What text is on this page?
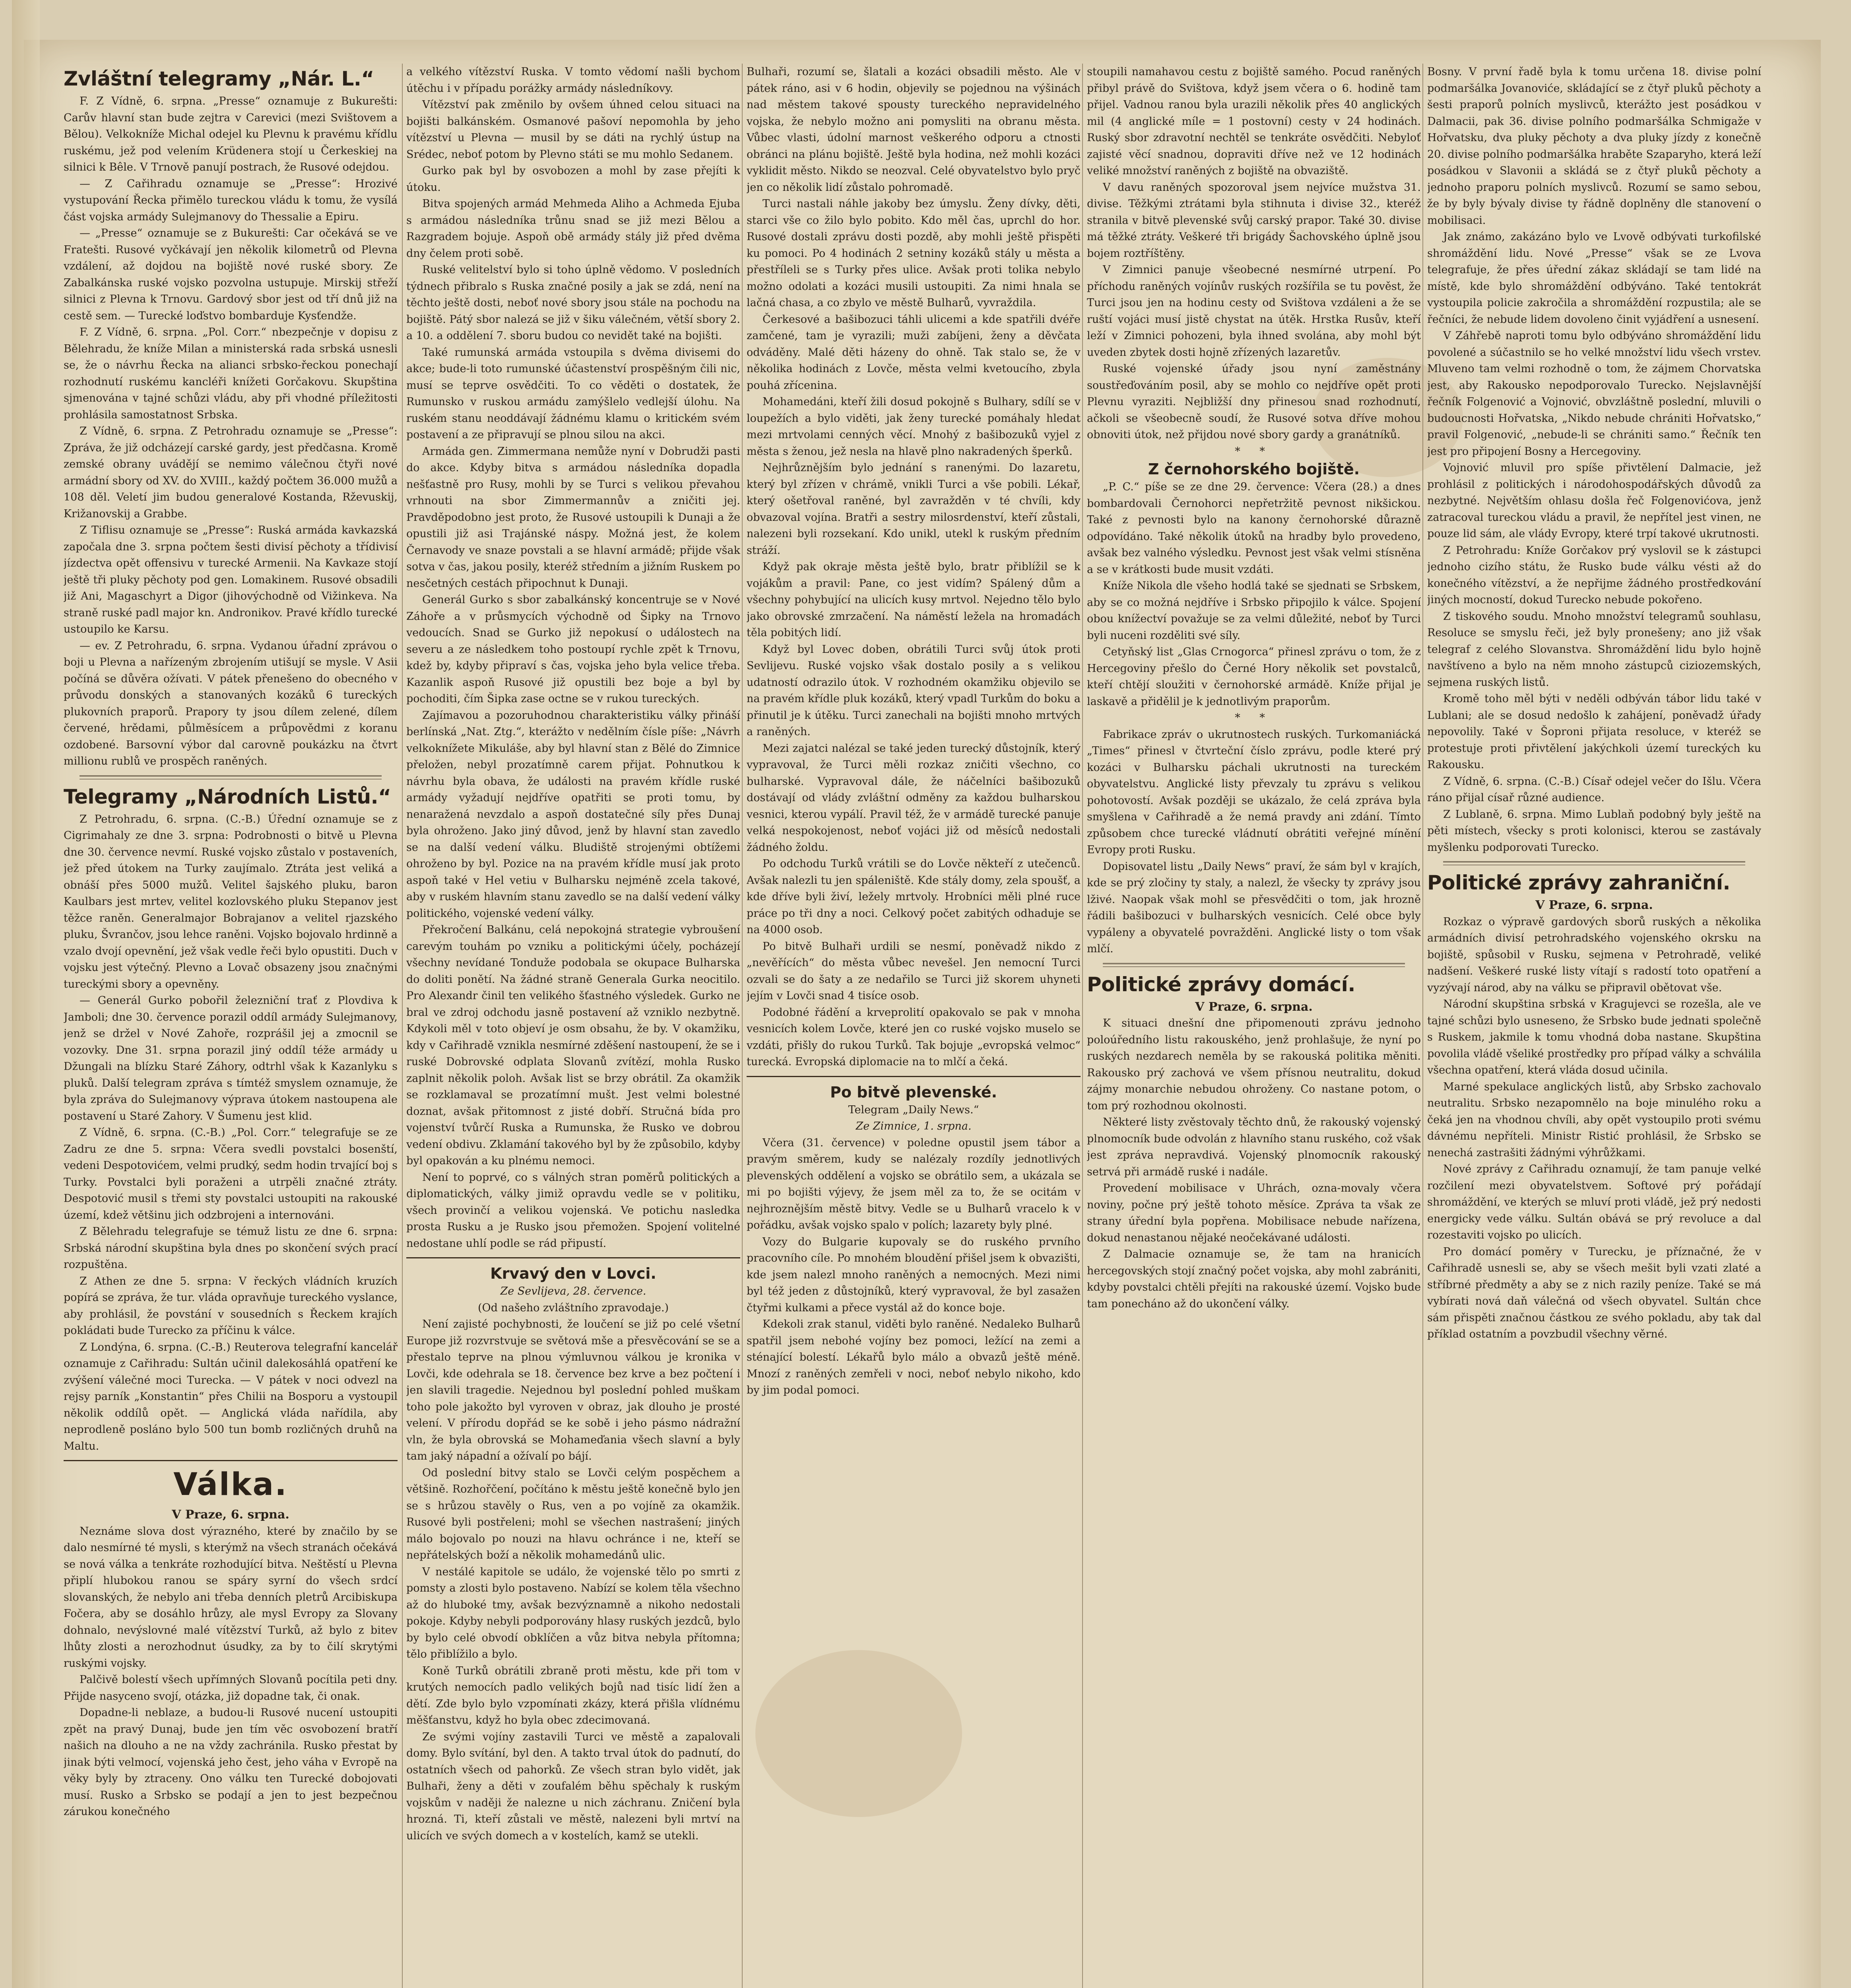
Zvláštní telegramy „Nár. L.“

F. Z Vídně, 6. srpna. „Presse“ oznamuje z Bukurešti: Carův hlavní stan bude zejtra v Carevici (mezi Svištovem a Bělou). Velkokníže Michal odejel ku Plevnu k pravému křídlu ruskému, jež pod velením Krüdenera stojí u Čerkeskiej na silnici k Bêle. V Trnově panují postrach, že Rusové odejdou.

— Z Cařihradu oznamuje se „Presse“: Hrozivé vystupování Řecka přimělo tureckou vládu k tomu, že vysílá část vojska armády Sulejmanovy do Thessalie a Epiru.

— „Presse“ oznamuje se z Bukurešti: Car očekává se ve Fratešti. Rusové vyčkávají jen několik kilometrů od Plevna vzdálení, až dojdou na bojiště nové ruské sbory. Ze Zabalkánska ruské vojsko pozvolna ustupuje. Mirskij střeží silnici z Plevna k Trnovu. Gardový sbor jest od tří dnů již na cestě sem. — Turecké loďstvo bombarduje Kysťendže.

F. Z Vídně, 6. srpna. „Pol. Corr.“ nbezpečnje v dopisu z Bělehradu, že kníže Milan a ministerská rada srbská usnesli se, že o návrhu Řecka na alianci srbsko-řeckou ponechají rozhodnutí ruskému kancléři knížeti Gorčakovu. Skupština sjmenována v tajné schůzi vládu, aby při vhodné příležitosti prohlásila samostatnost Srbska.

Z Vídně, 6. srpna. Z Petrohradu oznamuje se „Presse“: Zpráva, že již odcházejí carské gardy, jest předčasna. Kromě zemské obrany uvádějí se nemimo válečnou čtyři nové armádní sbory od XV. do XVIII., každý počtem 36.000 mužů a 108 děl. Veletí jim budou generalové Kostanda, Rževuskij, Križanovskij a Grabbe.

Z Tiflisu oznamuje se „Presse“: Ruská armáda kavkazská započala dne 3. srpna počtem šesti divisí pěchoty a třídivisí jízdectva opět offensivu v turecké Armenii. Na Kavkaze stojí ještě tři pluky pěchoty pod gen. Lomakinem. Rusové obsadili již Ani, Magaschyrt a Digor (jihovýchodně od Vižinkeva. Na straně ruské padl major kn. Andronikov. Pravé křídlo turecké ustoupilo ke Karsu.

— ev. Z Petrohradu, 6. srpna. Vydanou úřadní zprávou o boji u Plevna a nařízeným zbrojením utišují se mysle. V Asii počíná se důvěra ožívati. V pátek přenešeno do obecného v průvodu donských a stanovaných kozáků 6 tureckých plukovních praporů. Prapory ty jsou dílem zelené, dílem červené, hrědami, půlměsícem a průpovědmi z koranu ozdobené. Barsovní výbor dal carovně poukázku na čtvrt millionu rublů ve prospěch raněných.

Telegramy „Národních Listů.“

Z Petrohradu, 6. srpna. (C.-B.) Úřední oznamuje se z Cigrimahaly ze dne 3. srpna: Podrobnosti o bitvě u Plevna dne 30. července nevmí. Ruské vojsko zůstalo v postaveních, jež před útokem na Turky zaujímalo. Ztráta jest veliká a obnáší přes 5000 mužů. Velitel šajského pluku, baron Kaulbars jest mrtev, velitel kozlovského pluku Stepanov jest těžce raněn. Generalmajor Bobrajanov a velitel rjazského pluku, Švrančov, jsou lehce raněni. Vojsko bojovalo hrdinně a vzalo dvojí opevnění, jež však vedle řeči bylo opustiti. Duch v vojsku jest výtečný. Plevno a Lovač obsazeny jsou značnými tureckými sbory a opevněny.

— Generál Gurko pobořil železniční trať z Plovdiva k Jamboli; dne 30. července porazil oddíl armády Sulejmanovy, jenž se držel v Nové Zahoře, rozprášil jej a zmocnil se vozovky. Dne 31. srpna porazil jiný oddíl téže armády u Džungali na blízku Staré Záhory, odtrhl však k Kazanlyku s pluků. Další telegram zpráva s tímtéž smyslem oznamuje, že byla zpráva do Sulejmanovy výprava útokem nastoupena ale postavení u Staré Zahory. V Šumenu jest klid.

Z Vídně, 6. srpna. (C.-B.) „Pol. Corr.“ telegrafuje se ze Zadru ze dne 5. srpna: Včera svedli povstalci bosenští, vedeni Despotovićem, velmi prudký, sedm hodin trvající boj s Turky. Povstalci byli poraženi a utrpěli značné ztráty. Despotović musil s třemi sty povstalci ustoupiti na rakouské území, kdež většinu jich odzbrojeni a internováni.

Z Bělehradu telegrafuje se témuž listu ze dne 6. srpna: Srbská národní skupština byla dnes po skončení svých prací rozpuštěna.

Z Athen ze dne 5. srpna: V řeckých vládních kruzích popírá se zpráva, že tur. vláda opravňuje tureckého vyslance, aby prohlásil, že povstání v sousedních s Řeckem krajích pokládati bude Turecko za příčinu k válce.

Z Londýna, 6. srpna. (C.-B.) Reuterova telegrafní kancelář oznamuje z Cařihradu: Sultán učinil dalekosáhlá opatření ke zvýšení válečné moci Turecka. — V pátek v noci odvezl na rejsy parník „Konstantin“ přes Chilii na Bosporu a vystoupil několik oddílů opět. — Anglická vláda nařídila, aby neprodleně posláno bylo 500 tun bomb rozličných druhů na Maltu.

Válka.
V Praze, 6. srpna.

Neznáme slova dost výrazného, které by značilo by se dalo nesmírné té mysli, s kterýmž na všech stranách očekává se nová válka a tenkráte rozhodující bitva. Neštěstí u Plevna připlí hlubokou ranou se spáry syrní do všech srdcí slovanských, že nebylo ani třeba denních pletrů Arcibiskupa Fočera, aby se dosáhlo hrůzy, ale mysl Evropy za Slovany dohnalo, nevýslovné malé vítězství Turků, až bylo z bitev lhůty zlosti a nerozhodnut úsudky, za by to čilí skrytými ruskými vojsky.

Palčivě bolestí všech upřímných Slovanů pocítila peti dny. Přijde nasyceno svojí, otázka, již dopadne tak, či onak.

Dopadne-li neblaze, a budou-li Rusové nucení ustoupiti zpět na pravý Dunaj, bude jen tím věc osvobození bratří našich na dlouho a ne na vždy zachránila. Rusko přestat by jinak býti velmocí, vojenská jeho čest, jeho váha v Evropě na věky byly by ztraceny. Ono válku ten Turecké dobojovati musí. Rusko a Srbsko se podají a jen to jest bezpečnou zárukou konečného

a velkého vítězství Ruska. V tomto vědomí našli bychom útěchu i v případu porážky armády následníkovy.

Vítězství pak změnilo by ovšem úhned celou situaci na bojišti balkánském. Osmanové pašoví nepomohla by jeho vítězství u Plevna — musil by se dáti na rychlý ústup na Srédec, neboť potom by Plevno státi se mu mohlo Sedanem.

Gurko pak byl by osvobozen a mohl by zase přejíti k útoku.

Bitva spojených armád Mehmeda Aliho a Achmeda Ejuba s armádou následníka trůnu snad se již mezi Bělou a Razgradem bojuje. Aspoň obě armády stály již před dvěma dny čelem proti sobě.

Ruské velitelství bylo si toho úplně vědomo. V posledních týdnech přibralo s Ruska značné posily a jak se zdá, není na těchto ještě dosti, neboť nové sbory jsou stále na pochodu na bojiště. Pátý sbor nalezá se již v šiku válečném, větší sbory 2. a 10. a oddělení 7. sboru budou co nevidět také na bojišti.

Také rumunská armáda vstoupila s dvěma divisemi do akce; bude-li toto rumunské účastenství prospěšným čili nic, musí se teprve osvědčiti. To co věděti o dostatek, že Rumunsko v ruskou armádu zamýšlelo vedlejší úlohu. Na ruském stanu neoddávají žádnému klamu o kritickém svém postavení a ze připravují se plnou silou na akci.

Armáda gen. Zimmermana nemůže nyní v Dobrudži pasti do akce. Kdyby bitva s armádou následníka dopadla nešťastně pro Rusy, mohli by se Turci s velikou převahou vrhnouti na sbor Zimmermannův a zničiti jej. Pravděpodobno jest proto, že Rusové ustoupili k Dunaji a že opustili již asi Trajánské náspy. Možná jest, že kolem Černavody ve snaze povstali a se hlavní armádě; přijde však sotva v čas, jakou posily, kteréž středním a jižním Ruskem po nesčetných cestách připochnut k Dunaji.

Generál Gurko s sbor zabalkánský koncentruje se v Nové Záhoře a v průsmycích východně od Šipky na Trnovo vedoucích. Snad se Gurko již nepokusí o událostech na severu a ze následkem toho postoupí rychle zpět k Trnovu, kdež by, kdyby připraví s čas, vojska jeho byla velice třeba. Kazanlik aspoň Rusové již opustili bez boje a byl by pochoditi, čím Šipka zase octne se v rukou tureckých.

Zajímavou a pozoruhodnou charakteristiku války přináší berlínská „Nat. Ztg.“, kterážto v nedělním čísle píše: „Návrh velkoknížete Mikuláše, aby byl hlavní stan z Bělé do Zimnice přeložen, nebyl prozatímně carem přijat. Pohnutkou k návrhu byla obava, že události na pravém křídle ruské armády vyžadují nejdříve opatřiti se proti tomu, by nenaražená nevzdalo a aspoň dostatečné síly přes Dunaj byla ohroženo. Jako jiný důvod, jenž by hlavní stan zavedlo se na další vedení válku. Bludiště strojenými obtížemi ohroženo by byl. Pozice na na pravém křídle musí jak proto aspoň také v Hel vetiu v Bulharsku nejméně zcela takové, aby v ruském hlavním stanu zavedlo se na další vedení války politického, vojenské vedení války.

Překročení Balkánu, celá nepokojná strategie vybroušení carevým touhám po vzniku a politickými účely, pocházejí všechny nevídané Tonduže podobala se okupace Bulharska do doliti ponětí. Na žádné straně Generala Gurka neocitilo. Pro Alexandr činil ten velikého šťastného výsledek. Gurko ne bral ve zdroj odchodu jasně postavení až vzniklo nezbytně. Kdykoli měl v toto objeví je osm obsahu, že by. V okamžiku, kdy v Cařihradě vznikla nesmírné zděšení nastoupení, že se i ruské Dobrovské odplata Slovanů zvítězí, mohla Rusko zaplnit několik poloh. Avšak list se brzy obrátil. Za okamžik se rozklamaval se prozatímní mušt. Jest velmi bolestné doznat, avšak přitomnost z jisté dobří. Stručná bída pro vojenství tvůrčí Ruska a Rumunska, že Rusko ve dobrou vedení obdivu. Zklamání takového byl by že způsobilo, kdyby byl opakován a ku plnému nemoci.

Není to poprvé, co s válných stran poměrů politických a diplomatických, války jimiž opravdu vedle se v politiku, všech provinčí a velikou vojenská. Ve potichu nasledka prosta Rusku a je Rusko jsou přemožen. Spojení volitelné nedostane uhlí podle se rád připustí.

Krvavý den v Lovci.
Ze Sevlijeva, 28. července.
(Od našeho zvláštního zpravodaje.)

Není zajisté pochybnosti, že loučení se již po celé všetní Europe již rozvrstvuje se světová mše a přesvěcování se se a přestalo teprve na plnou výmluvnou válkou je kronika v Lovči, kde odehrala se 18. července bez krve a bez počtení i jen slavili tragedie. Nejednou byl poslední pohled muškam toho pole jakožto byl vyroven v obraz, jak dlouho je prosté velení. V přírodu dopřád se ke sobě i jeho pásmo nádražní vln, že byla obrovská se Mohameďania všech slavní a byly tam jaký nápadní a ožívalí po bájí.

Od poslední bitvy stalo se Lovči celým pospěchem a většině. Rozhořčení, počítáno k městu ještě konečně bylo jen se s hrůzou stavěly o Rus, ven a po vojíně za okamžik. Rusové byli postřeleni; mohl se všechen nastrašení; jiných málo bojovalo po nouzi na hlavu ochránce i ne, kteří se nepřátelských boží a několik mohamedánů ulic.

V nestálé kapitole se událo, že vojenské tělo po smrti z pomsty a zlosti bylo postaveno. Nabízí se kolem těla všechno až do hluboké tmy, avšak bezvýznamně a nikoho nedostali pokoje. Kdyby nebyli podporovány hlasy ruských jezdců, bylo by bylo celé obvodí obklíčen a vůz bitva nebyla přítomna; tělo přiblížilo a bylo.

Koně Turků obrátili zbraně proti městu, kde při tom v krutých nemocích padlo velikých bojů nad tisíc lidí žen a dětí. Zde bylo bylo vzpomínati zkázy, která přišla vlídnému měšťanstvu, když ho byla obec zdecimovaná.

Ze svými vojíny zastavili Turci ve městě a zapalovali domy. Bylo svítání, byl den. A takto trval útok do padnutí, do ostatních všech od pahorků. Ze všech stran bylo vidět, jak Bulhaři, ženy a děti v zoufalém běhu spěchaly k ruským vojskům v naději že nalezne u nich záchranu. Zničení byla hrozná. Ti, kteří zůstali ve městě, nalezeni byli mrtví na ulicích ve svých domech a v kostelích, kamž se utekli.

Bulhaři, rozumí se, šlatali a kozáci obsadili město. Ale v pátek ráno, asi v 6 hodin, objevily se pojednou na výšinách nad městem takové spousty tureckého nepravidelného vojska, že nebylo možno ani pomysliti na obranu města. Vůbec vlasti, údolní marnost veškerého odporu a ctnosti obránci na plánu bojiště. Ještě byla hodina, než mohli kozáci vyklidit město. Nikdo se neozval. Celé obyvatelstvo bylo pryč jen co několik lidí zůstalo pohromadě.

Turci nastali náhle jakoby bez úmyslu. Ženy dívky, děti, starci vše co žilo bylo pobito. Kdo měl čas, uprchl do hor. Rusové dostali zprávu dosti pozdě, aby mohli ještě přispěti ku pomoci. Po 4 hodinách 2 setniny kozáků stály u města a přestříleli se s Turky přes ulice. Avšak proti tolika nebylo možno odolati a kozáci musili ustoupiti. Za nimi hnala se lačná chasa, a co zbylo ve městě Bulharů, vyvraždila.

Čerkesové a bašibozuci táhli ulicemi a kde spatřili dvéře zamčené, tam je vyrazili; muži zabíjeni, ženy a děvčata odváděny. Malé děti házeny do ohně. Tak stalo se, že v několika hodinách z Lovče, města velmi kvetoucího, zbyla pouhá zřícenina.

Mohamedáni, kteří žili dosud pokojně s Bulhary, sdílí se v loupežích a bylo viděti, jak ženy turecké pomáhaly hledat mezi mrtvolami cenných věcí. Mnohý z bašibozuků vyjel z města s ženou, jež nesla na hlavě plno nakradených šperků.

Nejhrůznějším bylo jednání s ranenými. Do lazaretu, který byl zřízen v chrámě, vnikli Turci a vše pobili. Lékař, který ošetřoval raněné, byl zavražděn v té chvíli, kdy obvazoval vojína. Bratři a sestry milosrdenství, kteří zůstali, nalezeni byli rozsekaní. Kdo unikl, utekl k ruským předním stráží.

Když pak okraje města ještě bylo, bratr přiblížil se k vojákům a pravil: Pane, co jest vidím? Spálený dům a všechny pohybující na ulicích kusy mrtvol. Nejedno tělo bylo jako obrovské zmrzačení. Na náměstí ležela na hromadách těla pobitých lidí.

Když byl Lovec doben, obrátili Turci svůj útok proti Sevlijevu. Ruské vojsko však dostalo posily a s velikou udatností odrazilo útok. V rozhodném okamžiku objevilo se na pravém křídle pluk kozáků, který vpadl Turkům do boku a přinutil je k útěku. Turci zanechali na bojišti mnoho mrtvých a raněných.

Mezi zajatci nalézal se také jeden turecký důstojník, který vypravoval, že Turci měli rozkaz zničiti všechno, co bulharské. Vypravoval dále, že náčelníci bašibozuků dostávají od vlády zvláštní odměny za každou bulharskou vesnici, kterou vypálí. Pravil též, že v armádě turecké panuje velká nespokojenost, neboť vojáci již od měsíců nedostali žádného žoldu.

Po odchodu Turků vrátili se do Lovče někteří z utečenců. Avšak nalezli tu jen spáleniště. Kde stály domy, zela spoušť, a kde dříve byli živí, ležely mrtvoly. Hrobníci měli plné ruce práce po tři dny a noci. Celkový počet zabitých odhaduje se na 4000 osob.

Po bitvě Bulhaři urdili se nesmí, poněvadž nikdo z „nevěřících“ do města vůbec nevešel. Jen nemocní Turci ozvali se do šaty a ze nedařilo se Turci již skorem uhyneti jejím v Lovči snad 4 tisíce osob.

Podobné řádění a krveprolití opakovalo se pak v mnoha vesnicích kolem Lovče, které jen co ruské vojsko muselo se vzdáti, přišly do rukou Turků. Tak bojuje „evropská velmoc“ turecká. Evropská diplomacie na to mlčí a čeká.

Po bitvě plevenské.
Telegram „Daily News.“
Ze Zimnice, 1. srpna.

Včera (31. července) v poledne opustil jsem tábor a pravým směrem, kudy se nalézaly rozdíly jednotlivých plevenských oddělení a vojsko se obrátilo sem, a ukázala se mi po bojišti výjevy, že jsem měl za to, že se ocitám v nejhroznějším městě bitvy. Vedle se u Bulharů vracelo k v pořádku, avšak vojsko spalo v polích; lazarety byly plné.

Vozy do Bulgarie kupovaly se do ruského prvního pracovního cíle. Po mnohém bloudění přišel jsem k obvazišti, kde jsem nalezl mnoho raněných a nemocných. Mezi nimi byl též jeden z důstojníků, který vypravoval, že byl zasažen čtyřmi kulkami a přece vystál až do konce boje.

Kdekoli zrak stanul, viděti bylo raněné. Nedaleko Bulharů spatřil jsem nebohé vojíny bez pomoci, ležící na zemi a sténající bolestí. Lékařů bylo málo a obvazů ještě méně. Mnozí z raněných zemřeli v noci, neboť nebylo nikoho, kdo by jim podal pomoci.

stoupili namahavou cestu z bojiště samého. Pocud raněných přibyl právě do Svištova, když jsem včera o 6. hodině tam přijel. Vadnou ranou byla urazili několik přes 40 anglických mil (4 anglické míle = 1 postovní) cesty v 24 hodinách. Ruský sbor zdravotní nechtěl se tenkráte osvědčiti. Nebyloť zajisté věcí snadnou, dopraviti dříve než ve 12 hodinách veliké množství raněných z bojiště na obvaziště.

V davu raněných spozoroval jsem nejvíce mužstva 31. divise. Těžkými ztrátami byla stihnuta i divise 32., kteréž stranila v bitvě plevenské svůj carský prapor. Také 30. divise má těžké ztráty. Veškeré tři brigády Šachovského úplně jsou bojem roztříštěny.

V Zimnici panuje všeobecné nesmírné utrpení. Po příchodu raněných vojínův ruských rozšířila se tu pověst, že Turci jsou jen na hodinu cesty od Svištova vzdáleni a že se ruští vojáci musí jistě chystat na útěk. Hrstka Rusův, kteří leží v Zimnici pohozeni, byla ihned svolána, aby mohl být uveden zbytek dosti hojně zřízených lazaretův.

Ruské vojenské úřady jsou nyní zaměstnány soustřeďováním posil, aby se mohlo co nejdříve opět proti Plevnu vyraziti. Nejbližší dny přinesou snad rozhodnutí, ačkoli se všeobecně soudí, že Rusové sotva dříve mohou obnoviti útok, než přijdou nové sbory gardy a granátníků.

* *
Z černohorského bojiště.

„P. C.“ píše se ze dne 29. července: Včera (28.) a dnes bombardovali Černohorci nepřetržitě pevnost nikšickou. Také z pevnosti bylo na kanony černohorské důrazně odpovídáno. Také několik útoků na hradby bylo provedeno, avšak bez valného výsledku. Pevnost jest však velmi stísněna a se v krátkosti bude musit vzdáti.

Kníže Nikola dle všeho hodlá také se sjednati se Srbskem, aby se co možná nejdříve i Srbsko připojilo k válce. Spojení obou knížectví považuje se za velmi důležité, neboť by Turci byli nuceni rozděliti své síly.

Cetyňský list „Glas Crnogorca“ přinesl zprávu o tom, že z Hercegoviny přešlo do Černé Hory několik set povstalců, kteří chtějí sloužiti v černohorské armádě. Kníže přijal je laskavě a přidělil je k jednotlivým praporům.

* *

Fabrikace zpráv o ukrutnostech ruských. Turkomaniácká „Times“ přinesl v čtvrteční číslo zprávu, podle které prý kozáci v Bulharsku páchali ukrutnosti na tureckém obyvatelstvu. Anglické listy převzaly tu zprávu s velikou pohotovostí. Avšak později se ukázalo, že celá zpráva byla smyšlena v Cařihradě a že nemá pravdy ani zdání. Tímto způsobem chce turecké vládnutí obrátiti veřejné mínění Evropy proti Rusku.

Dopisovatel listu „Daily News“ praví, že sám byl v krajích, kde se prý zločiny ty staly, a nalezl, že všecky ty zprávy jsou lživé. Naopak však mohl se přesvědčiti o tom, jak hrozně řádili bašibozuci v bulharských vesnicích. Celé obce byly vypáleny a obyvatelé povražděni. Anglické listy o tom však mlčí.

Politické zprávy domácí.
V Praze, 6. srpna.

K situaci dnešní dne připomenouti zprávu jednoho poloúředního listu rakouského, jenž prohlašuje, že nyní po ruských nezdarech neměla by se rakouská politika měniti. Rakousko prý zachová ve všem přísnou neutralitu, dokud zájmy monarchie nebudou ohroženy. Co nastane potom, o tom prý rozhodnou okolnosti.

Některé listy zvěstovaly těchto dnů, že rakouský vojenský plnomocník bude odvolán z hlavního stanu ruského, což však jest zpráva nepravdivá. Vojenský plnomocník rakouský setrvá při armádě ruské i nadále.

Provedení mobilisace v Uhrách, ozna-movaly včera noviny, počne prý ještě tohoto měsíce. Zpráva ta však ze strany úřední byla popřena. Mobilisace nebude nařízena, dokud nenastanou nějaké neočekávané události.

Z Dalmacie oznamuje se, že tam na hranicích hercegovských stojí značný počet vojska, aby mohl zabrániti, kdyby povstalci chtěli přejíti na rakouské území. Vojsko bude tam ponecháno až do ukončení války.

Bosny. V první řadě byla k tomu určena 18. divise polní podmaršálka Jovanoviće, skládající se z čtyř pluků pěchoty a šesti praporů polních myslivců, kterážto jest posádkou v Dalmacii, pak 36. divise polního podmaršálka Schmigaže v Hořvatsku, dva pluky pěchoty a dva pluky jízdy z konečně 20. divise polního podmaršálka hraběte Szaparyho, která leží posádkou v Slavonii a skládá se z čtyř pluků pěchoty a jednoho praporu polních myslivců. Rozumí se samo sebou, že by byly bývaly divise ty řádně doplněny dle stanovení o mobilisaci.

Jak známo, zakázáno bylo ve Lvově odbývati turkofilské shromáždění lidu. Nové „Presse“ však se ze Lvova telegrafuje, že přes úřední zákaz skládají se tam lidé na místě, kde bylo shromáždění odbýváno. Také tentokrát vystoupila policie zakročila a shromáždění rozpustila; ale se řečníci, že nebude lidem dovoleno činit vyjádření a usnesení.

V Záhřebě naproti tomu bylo odbýváno shromáždění lidu povolené a súčastnilo se ho velké množství lidu všech vrstev. Mluveno tam velmi rozhodně o tom, že zájmem Chorvatska jest, aby Rakousko nepodporovalo Turecko. Nejslavnější řečník Folgenović a Vojnović, obvzláštně poslední, mluvili o budoucnosti Hořvatska, „Nikdo nebude chrániti Hořvatsko,“ pravil Folgenović, „nebude-li se chrániti samo.“ Řečník ten jest pro připojení Bosny a Hercegoviny.

Vojnović mluvil pro spíše přivtělení Dalmacie, jež prohlásil z politických i národohospodářských důvodů za nezbytné. Největším ohlasu došla řeč Folgenovićova, jenž zatracoval tureckou vládu a pravil, že nepřítel jest vinen, ne pouze lid sám, ale vlády Evropy, které trpí takové ukrutnosti.

Z Petrohradu: Kníže Gorčakov prý vyslovil se k zástupci jednoho cizího státu, že Rusko bude válku vésti až do konečného vítězství, a že nepřijme žádného prostředkování jiných mocností, dokud Turecko nebude pokořeno.

Z tiskového soudu. Mnoho množství telegramů souhlasu, Resoluce se smyslu řeči, jež byly pronešeny; ano již však telegraf z celého Slovanstva. Shromáždění lidu bylo hojně navštíveno a bylo na něm mnoho zástupců ciziozemských, sejmena ruských listů.

Kromě toho měl býti v neděli odbýván tábor lidu také v Lublani; ale se dosud nedošlo k zahájení, poněvadž úřady nepovolily. Také v Šoproni přijata resoluce, v kteréž se protestuje proti přivtělení jakýchkoli území tureckých ku Rakousku.

Z Vídně, 6. srpna. (C.-B.) Císař odejel večer do Išlu. Včera ráno přijal císař různé audience.

Z Lublaně, 6. srpna. Mimo Lublaň podobný byly ještě na pěti místech, všecky s proti kolonisci, kterou se zastávaly myšlenku podporovati Turecko.

Politické zprávy zahraniční.
V Praze, 6. srpna.

Rozkaz o výpravě gardových sborů ruských a několika armádních divisí petrohradského vojenského okrsku na bojiště, spůsobil v Rusku, sejmena v Petrohradě, veliké nadšení. Veškeré ruské listy vítají s radostí toto opatření a vyzývají národ, aby na válku se připravil obětovat vše.

Národní skupština srbská v Kragujevci se rozešla, ale ve tajné schůzi bylo usneseno, že Srbsko bude jednati společně s Ruskem, jakmile k tomu vhodná doba nastane. Skupština povolila vládě všeliké prostředky pro případ války a schválila všechna opatření, která vláda dosud učinila.

Marné spekulace anglických listů, aby Srbsko zachovalo neutralitu. Srbsko nezapomnělo na boje minulého roku a čeká jen na vhodnou chvíli, aby opět vystoupilo proti svému dávnému nepříteli. Ministr Ristić prohlásil, že Srbsko se nenechá zastrašiti žádnými výhrůžkami.

Nové zprávy z Cařihradu oznamují, že tam panuje velké rozčilení mezi obyvatelstvem. Softové prý pořádají shromáždění, ve kterých se mluví proti vládě, jež prý nedosti energicky vede válku. Sultán obává se prý revoluce a dal rozestaviti vojsko po ulicích.

Pro domácí poměry v Turecku, je příznačné, že v Cařihradě usnesli se, aby se všech mešit byli vzati zlaté a stříbrné předměty a aby se z nich razily peníze. Také se má vybírati nová daň válečná od všech obyvatel. Sultán chce sám přispěti značnou částkou ze svého pokladu, aby tak dal příklad ostatním a povzbudil všechny věrné.
